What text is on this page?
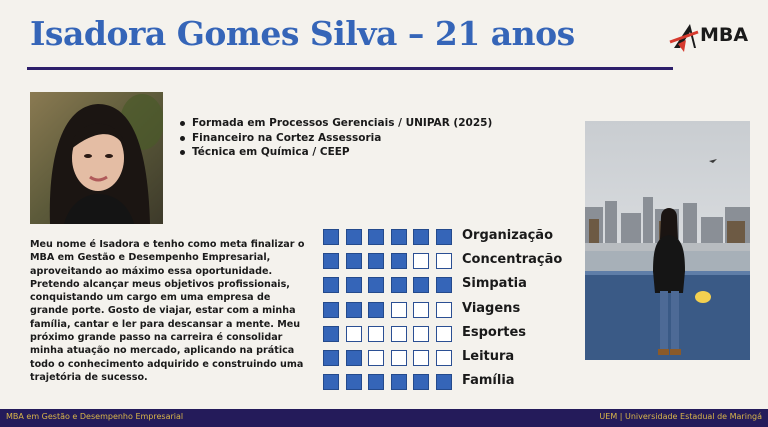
Isadora Gomes Silva – 21 anos	MBA
Formada em Processos Gerenciais / UNIPAR (2025)
Financeiro na Cortez Assessoria
Técnica em Química / CEEP

Meu nome é Isadora e tenho como meta finalizar o MBA em Gestão e Desempenho Empresarial, aproveitando ao máximo essa oportunidade. Pretendo alcançar meus objetivos profissionais, conquistando um cargo em uma empresa de grande porte. Gosto de viajar, estar com a minha família, cantar e ler para descansar a mente. Meu próximo grande passo na carreira é consolidar minha atuação no mercado, aplicando na prática todo o conhecimento adquirido e construindo uma trajetória de sucesso.

Organização
Concentração
Simpatia
Viagens
Esportes
Leitura
Família
MBA em Gestão e Desempenho Empresarial	UEM | Universidade Estadual de Maringá
